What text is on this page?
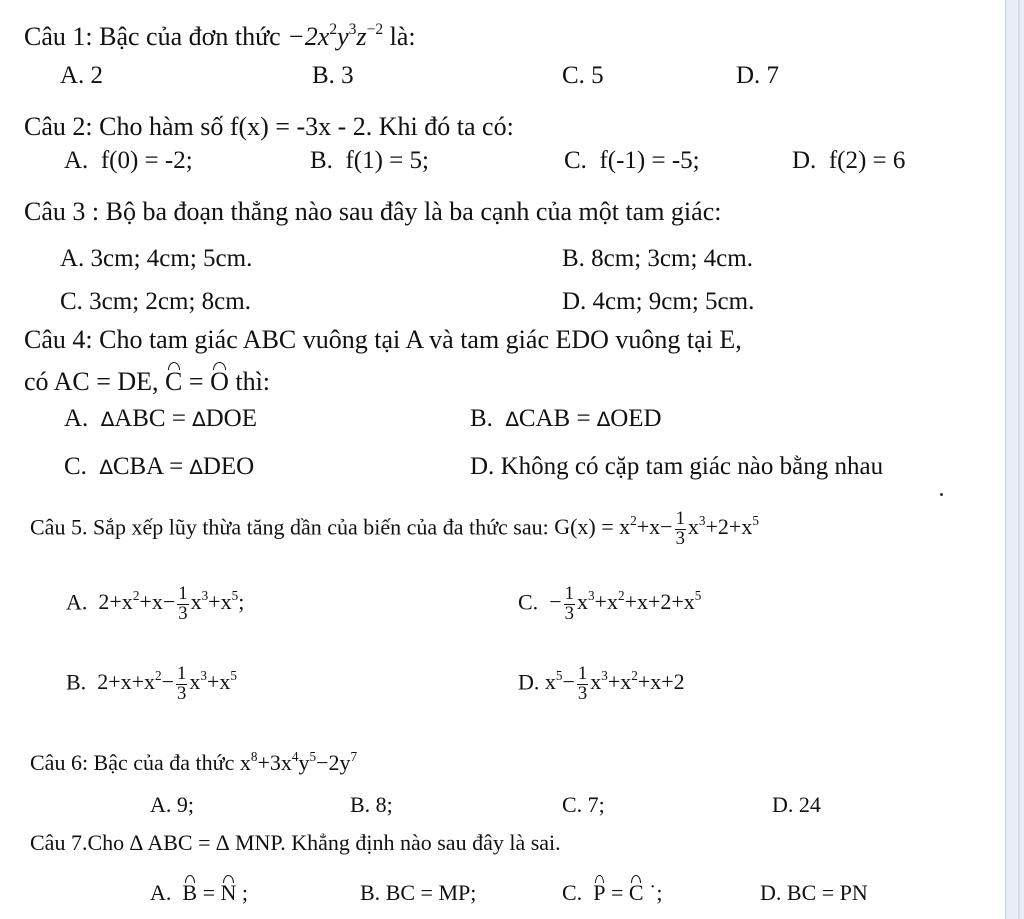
Câu 1: Bậc của đơn thức $-2x^2y^3z^{-2}$ là:
A. 2	B. 3	C. 5	D. 7
Câu 2: Cho hàm số f(x) = -3x - 2. Khi đó ta có:
A. f(0) = -2;	B. f(1) = 5;	C. f(-1) = -5;	D. f(2) = 6
Câu 3 : Bộ ba đoạn thẳng nào sau đây là ba cạnh của một tam giác:
A. 3cm; 4cm; 5cm.	B. 8cm; 3cm; 4cm.
C. 3cm; 2cm; 8cm.	D. 4cm; 9cm; 5cm.
Câu 4: Cho tam giác ABC vuông tại A và tam giác EDO vuông tại E,
có AC = DE, C = O thì:
A. ∆ABC = ∆DOE	B. ∆CAB = ∆OED
C. ∆CBA = ∆DEO	D. Không có cặp tam giác nào bằng nhau
Câu 5. Sắp xếp lũy thừa tăng dần của biến của đa thức sau: $G(x) = x^2+x- \frac{1}{3} x^3+2+x^5$
A. $2+x^2+x- \frac{1}{3} x^3+x^5$;	C. − $\frac{1}{3} x^3+x^2+x+2+x^5$
B. $2+x+x^2- \frac{1}{3} x^3+x^5$	D. $x^5- \frac{1}{3} x^3+x^2+x+2$
Câu 6: Bậc của đa thức $x^8+3x^4y^5-2y^7$
A. 9;	B. 8;	C. 7;	D. 24
Câu 7.Cho ∆ ABC = ∆ MNP. Khẳng định nào sau đây là sai.
A. B = N ;	B. BC = MP;	C. P = C ˙;	D. BC = PN
